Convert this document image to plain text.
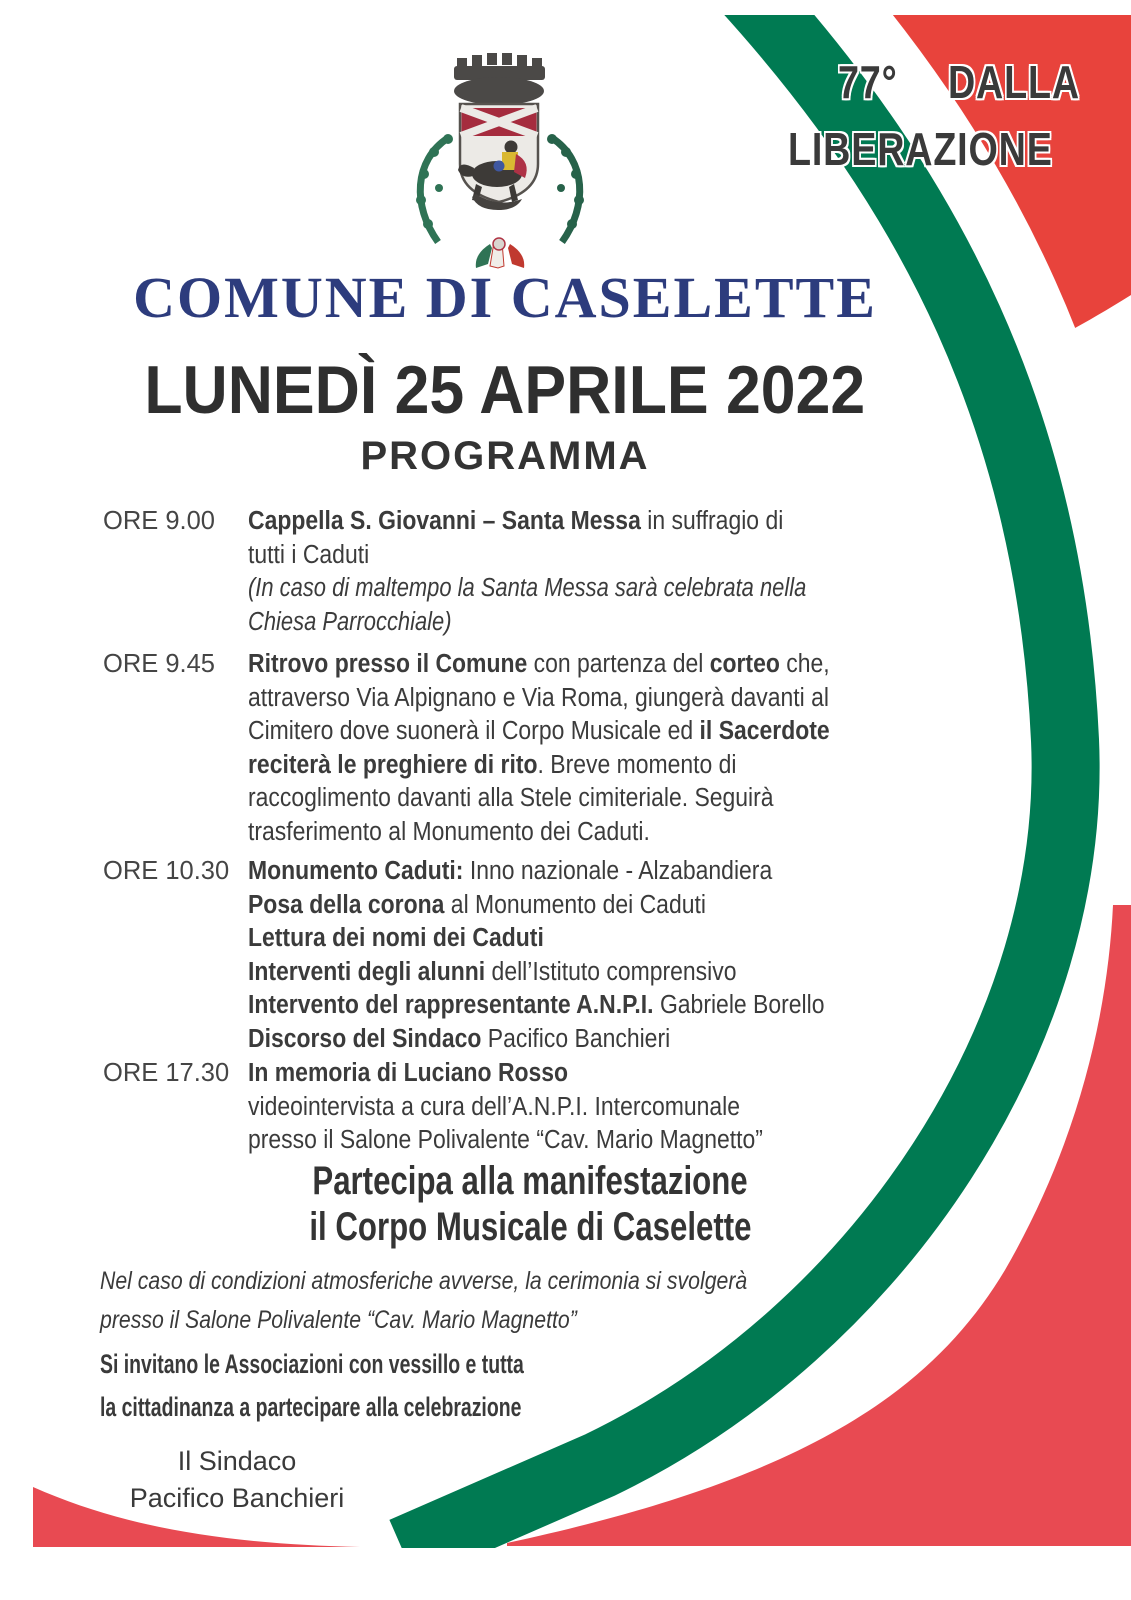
77° DALLA
LIBERAZIONE
COMUNE DI CASELETTE
LUNEDÌ 25 APRILE 2022
PROGRAMMA
ORE 9.00	Cappella S. Giovanni – Santa Messa in suffragio di
tutti i Caduti
(In caso di maltempo la Santa Messa sarà celebrata nella
Chiesa Parrocchiale)
ORE 9.45	Ritrovo presso il Comune con partenza del corteo che,
attraverso Via Alpignano e Via Roma, giungerà davanti al
Cimitero dove suonerà il Corpo Musicale ed il Sacerdote
reciterà le preghiere di rito. Breve momento di
raccoglimento davanti alla Stele cimiteriale. Seguirà
trasferimento al Monumento dei Caduti.
ORE 10.30 Monumento Caduti: Inno nazionale - Alzabandiera
Posa della corona al Monumento dei Caduti
Lettura dei nomi dei Caduti
Interventi degli alunni dell’Istituto comprensivo
Intervento del rappresentante A.N.P.I. Gabriele Borello
Discorso del Sindaco Pacifico Banchieri
ORE 17.30 In memoria di Luciano Rosso
videointervista a cura dell’A.N.P.I. Intercomunale
presso il Salone Polivalente “Cav. Mario Magnetto”
Partecipa alla manifestazione
il Corpo Musicale di Caselette
Nel caso di condizioni atmosferiche avverse, la cerimonia si svolgerà
presso il Salone Polivalente “Cav. Mario Magnetto”
Si invitano le Associazioni con vessillo e tutta
la cittadinanza a partecipare alla celebrazione
Il Sindaco
Pacifico Banchieri
